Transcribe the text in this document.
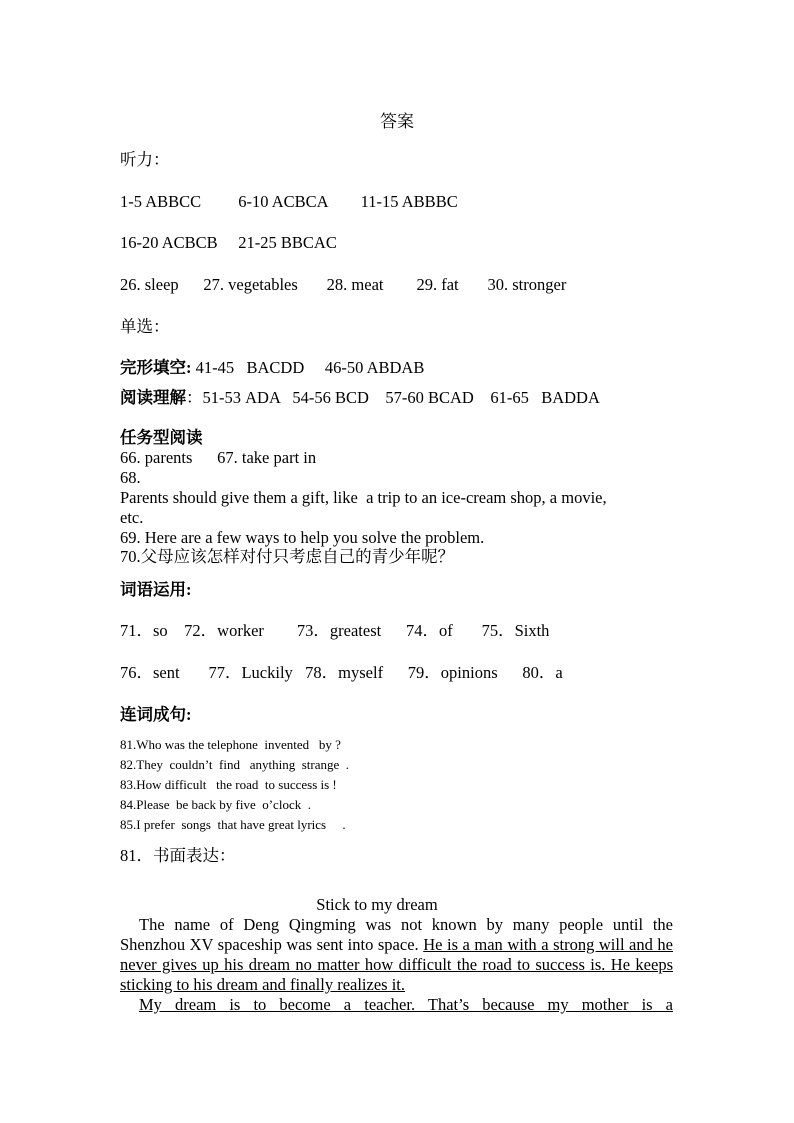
答案
听力：
1-5 ABBCC         6-10 ACBCA        11-15 ABBBC
16-20 ACBCB     21-25 BBCAC
26. sleep      27. vegetables       28. meat        29. fat       30. stronger
单选：
完形填空: 41-45   BACDD     46-50 ABDAB
阅读理解：51-53 ADA   54-56 BCD    57-60 BCAD    61-65   BADDA
任务型阅读
66. parents      67. take part in
68.
Parents should give them a gift, like  a trip to an ice-cream shop, a movie,
etc.
69. Here are a few ways to help you solve the problem.
70.父母应该怎样对付只考虑自己的青少年呢？
词语运用:
71．so    72．worker        73．greatest      74．of       75．Sixth
76．sent       77．Luckily   78．myself      79．opinions      80．a
连词成句:
81.Who was the telephone  invented   by ?
82.They  couldn’t  find   anything  strange  .
83.How difficult   the road  to success is !
84.Please  be back by five  o’clock  .
85.I prefer  songs  that have great lyrics     .
81．书面表达：
Stick to my dream
The name of Deng Qingming was not known by many people until the Shenzhou XV spaceship was sent into space. He is a man with a strong will and he never gives up his dream no matter how difficult the road to success is. He keeps sticking to his dream and finally realizes it.
My dream is to become a teacher. That’s because my mother is a
